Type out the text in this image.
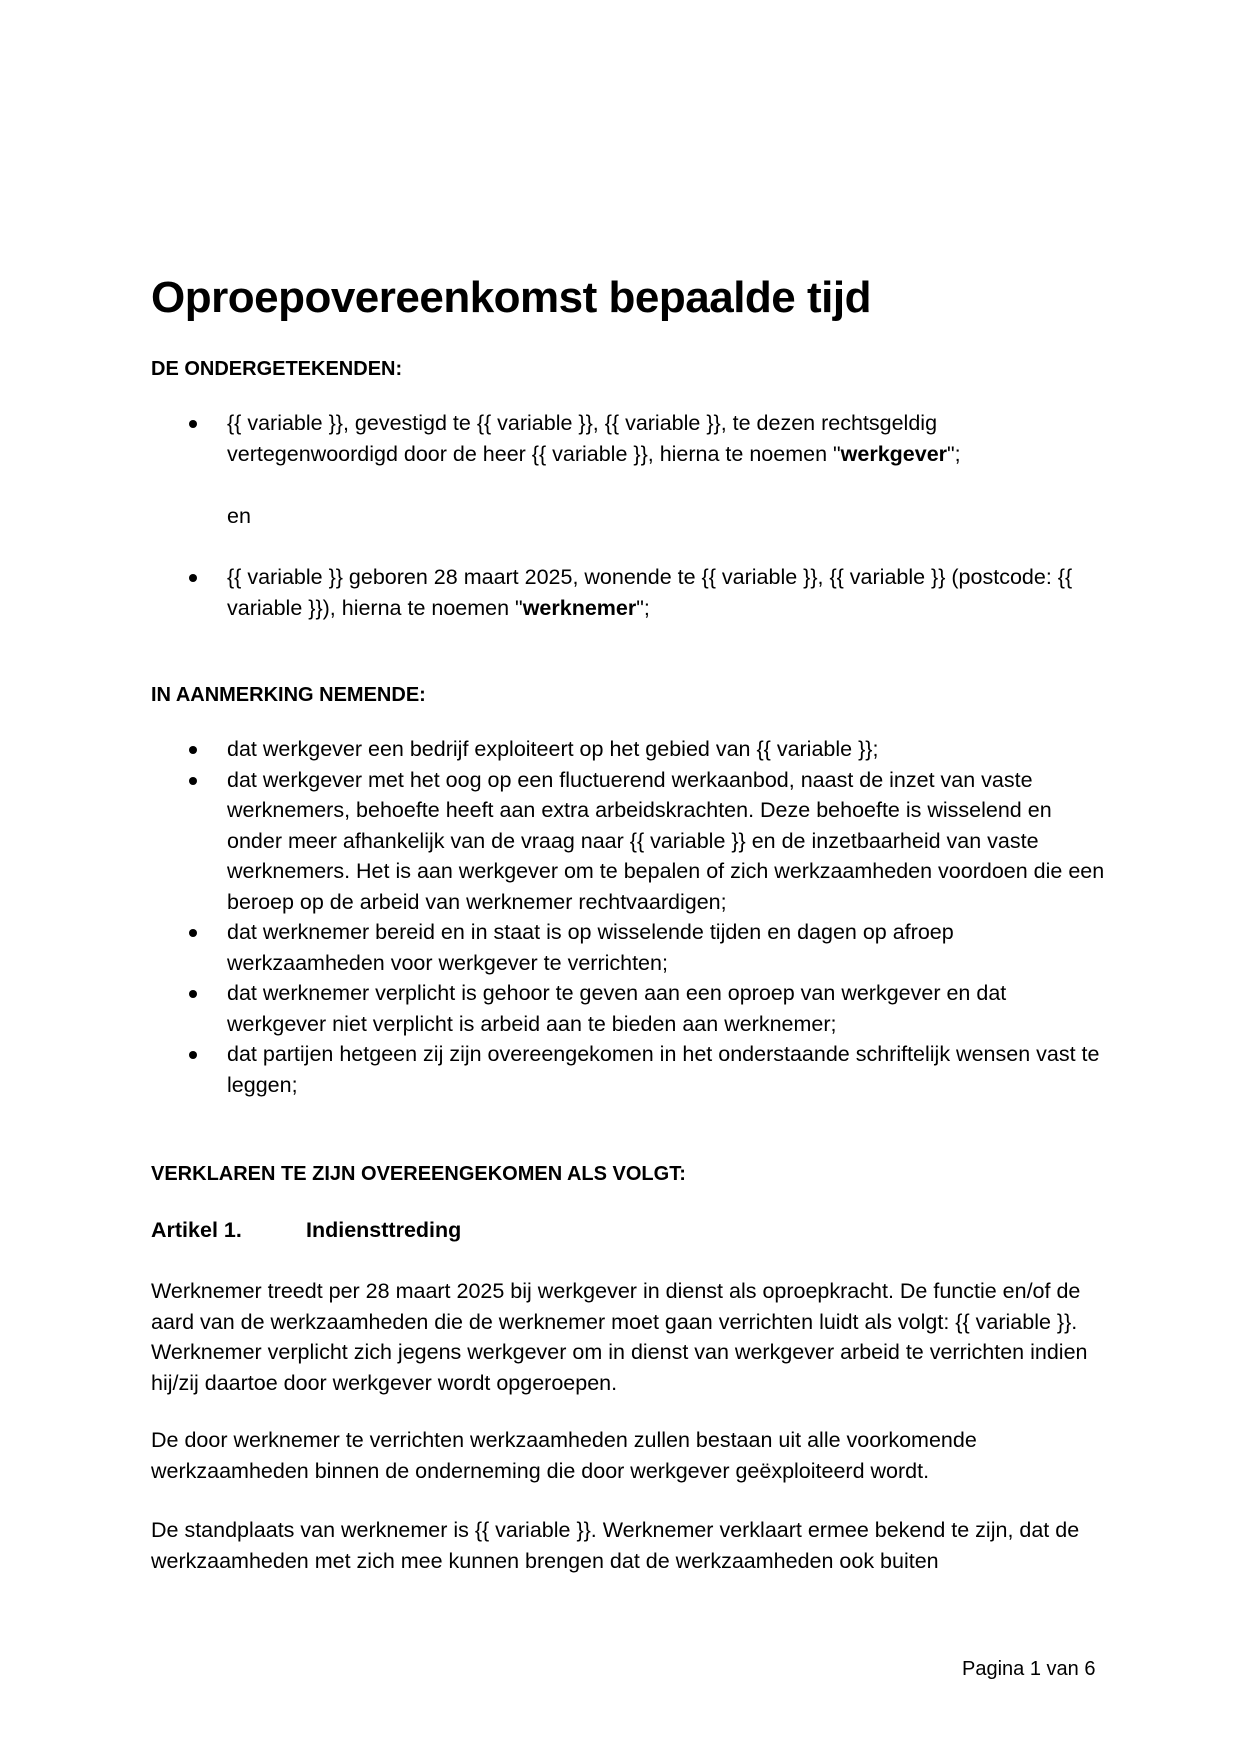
Oproepovereenkomst bepaalde tijd
DE ONDERGETEKENDEN:
{{ variable }}, gevestigd te {{ variable }}, {{ variable }}, te dezen rechtsgeldig vertegenwoordigd door de heer {{ variable }}, hierna te noemen "werkgever";
en
{{ variable }} geboren 28 maart 2025, wonende te {{ variable }}, {{ variable }} (postcode: {{ variable }}), hierna te noemen "werknemer";
IN AANMERKING NEMENDE:
dat werkgever een bedrijf exploiteert op het gebied van {{ variable }};
dat werkgever met het oog op een fluctuerend werkaanbod, naast de inzet van vaste werknemers, behoefte heeft aan extra arbeidskrachten. Deze behoefte is wisselend en onder meer afhankelijk van de vraag naar {{ variable }} en de inzetbaarheid van vaste werknemers. Het is aan werkgever om te bepalen of zich werkzaamheden voordoen die een beroep op de arbeid van werknemer rechtvaardigen;
dat werknemer bereid en in staat is op wisselende tijden en dagen op afroep werkzaamheden voor werkgever te verrichten;
dat werknemer verplicht is gehoor te geven aan een oproep van werkgever en dat werkgever niet verplicht is arbeid aan te bieden aan werknemer;
dat partijen hetgeen zij zijn overeengekomen in het onderstaande schriftelijk wensen vast te leggen;
VERKLAREN TE ZIJN OVEREENGEKOMEN ALS VOLGT:
Artikel 1.	Indiensttreding

Werknemer treedt per 28 maart 2025 bij werkgever in dienst als oproepkracht. De functie en/of de aard van de werkzaamheden die de werknemer moet gaan verrichten luidt als volgt: {{ variable }}. Werknemer verplicht zich jegens werkgever om in dienst van werkgever arbeid te verrichten indien hij/zij daartoe door werkgever wordt opgeroepen.

De door werknemer te verrichten werkzaamheden zullen bestaan uit alle voorkomende werkzaamheden binnen de onderneming die door werkgever geëxploiteerd wordt.

De standplaats van werknemer is {{ variable }}. Werknemer verklaart ermee bekend te zijn, dat de werkzaamheden met zich mee kunnen brengen dat de werkzaamheden ook buiten

Pagina 1 van 6
